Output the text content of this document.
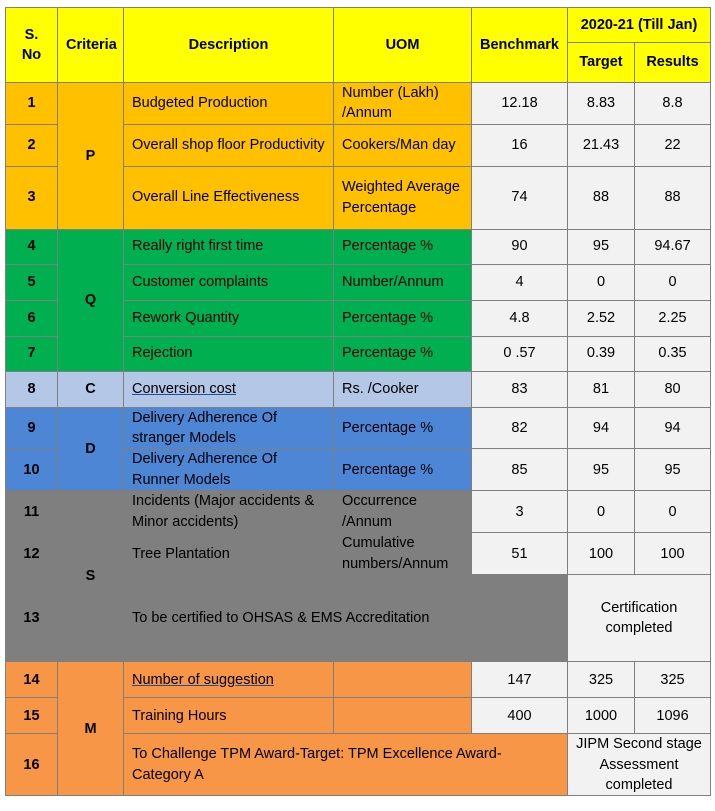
S. No	Criteria	Description	UOM	Benchmark	2020-21 (Till Jan)	
					Target	Results
1	P	Budgeted Production	Number (Lakh) /Annum	12.18	8.83	8.8
2		Overall shop floor Productivity	Cookers/Man day	16	21.43	22
3		Overall Line Effectiveness	Weighted Average Percentage	74	88	88
4	Q	Really right first time	Percentage %	90	95	94.67
5		Customer complaints	Number/Annum	4	0	0
6		Rework Quantity	Percentage %	4.8	2.52	2.25
7		Rejection	Percentage %	0 .57	0.39	0.35
8	C	Conversion cost	Rs. /Cooker	83	81	80
9	D	Delivery Adherence Of stranger Models	Percentage %	82	94	94
10		Delivery Adherence Of Runner Models	Percentage %	85	95	95
11	S	Incidents (Major accidents & Minor accidents)	Occurrence /Annum	3	0	0
12		Tree Plantation	Cumulative numbers/Annum	51	100	100
13		To be certified to OHSAS & EMS Accreditation			Certification completed	
14	M	Number of suggestion		147	325	325
15		Training Hours		400	1000	1096
16		To Challenge TPM Award-Target: TPM Excellence Award-Category A			JIPM Second stage Assessment completed	
